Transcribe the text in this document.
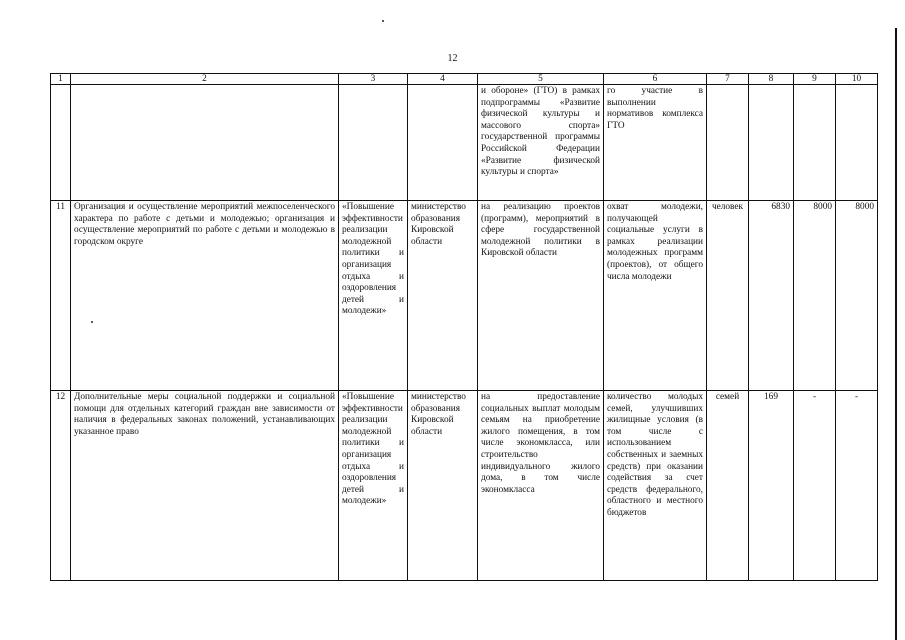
12
1	2	3	4	5	6	7	8	9	10
				и обороне» (ГТО) в рамках подпрограммы «Развитие физической культуры и массового спорта» государственной программы Российской Федерации «Развитие физической культуры и спорта»	го участие в выполнении нормативов комплекса ГТО				
11	Организация и осуществление мероприятий межпоселенческого характера по работе с детьми и молодежью; организация и осуществление мероприятий по работе с детьми и молодежью в городском округе	«Повышение эффективности реализации молодежной политики и организация отдыха и оздоровления детей и молодежи»	министерство образования Кировской области	на реализацию проектов (программ), мероприятий в сфере государственной молодежной политики в Кировской области	охват молодежи, получающей социальные услуги в рамках реализации молодежных программ (проектов), от общего числа молодежи	человек	6830	8000	8000
12	Дополнительные меры социальной поддержки и социальной помощи для отдельных категорий граждан вне зависимости от наличия в федеральных законах положений, устанавливающих указанное право	«Повышение эффективности реализации молодежной политики и организация отдыха и оздоровления детей и молодежи»	министерство образования Кировской области	на предоставление социальных выплат молодым семьям на приобретение жилого помещения, в том числе экономкласса, или строительство индивидуального жилого дома, в том числе экономкласса	количество молодых семей, улучшивших жилищные условия (в том числе с использованием собственных и заемных средств) при оказании содействия за счет средств федерального, областного и местного бюджетов	семей	169	-	-
